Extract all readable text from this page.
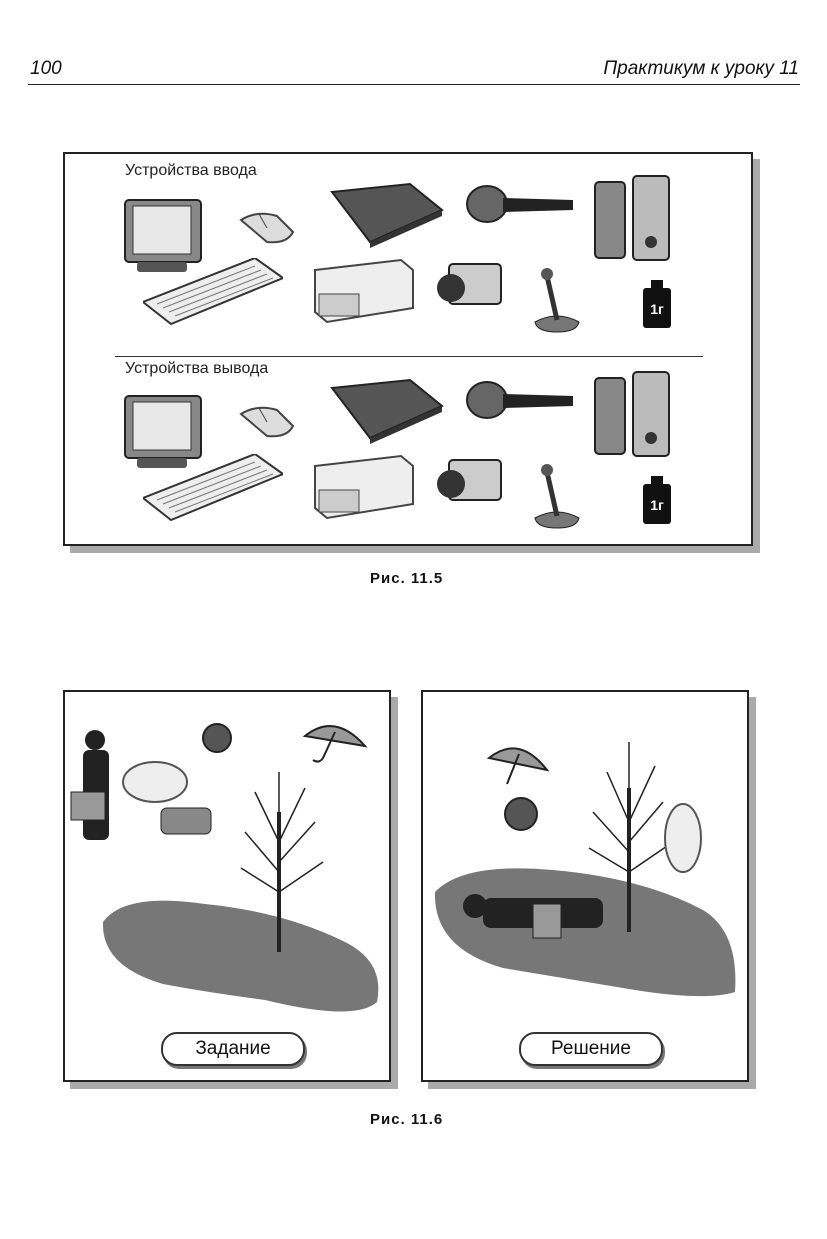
100	Практикум к уроку 11
Устройства ввода
Устройства вывода
1г
1г
Рис. 11.5
Задание	Решение
Рис. 11.6
